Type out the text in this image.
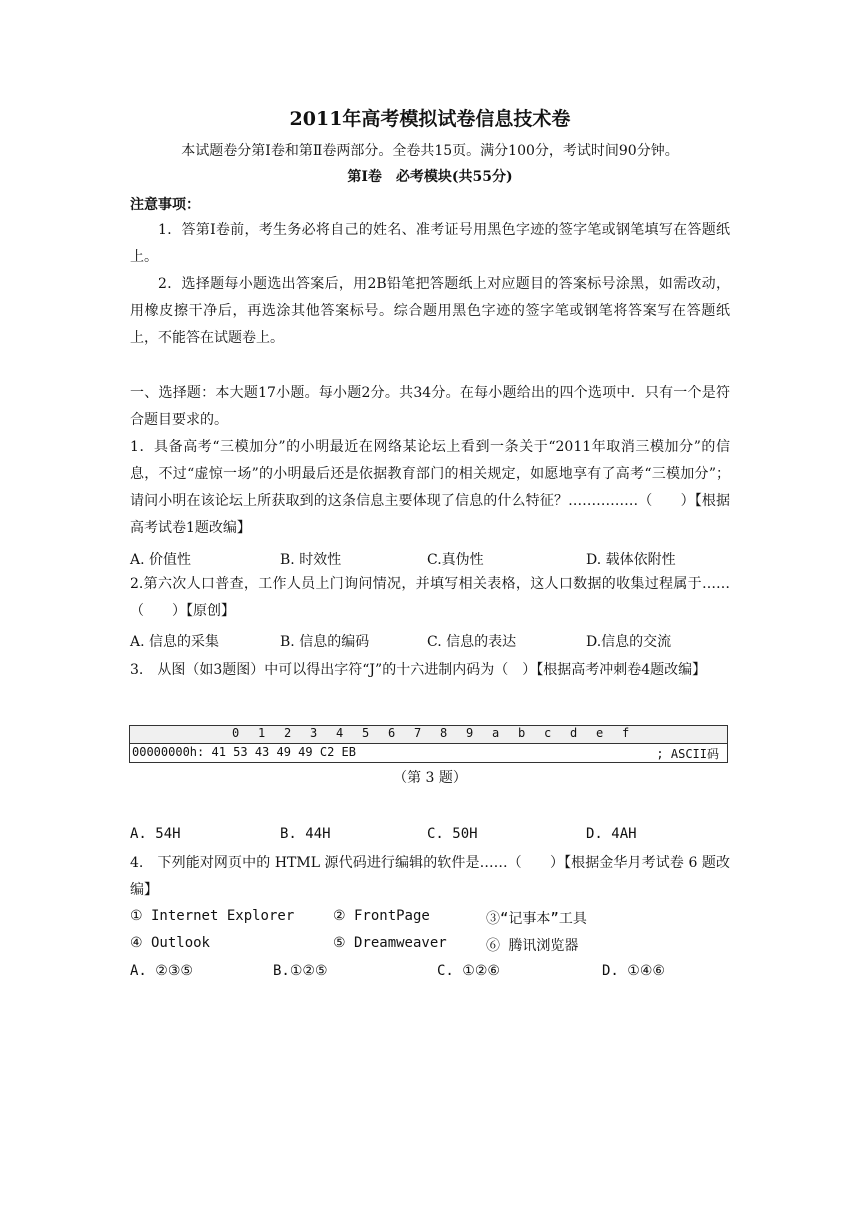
2011年高考模拟试卷信息技术卷
本试题卷分第Ⅰ卷和第Ⅱ卷两部分。全卷共15页。满分100分，考试时间90分钟。
第Ⅰ卷　必考模块(共55分)
注意事项：
1．答第Ⅰ卷前，考生务必将自己的姓名、准考证号用黑色字迹的签字笔或钢笔填写在答题纸上。
2．选择题每小题选出答案后，用2B铅笔把答题纸上对应题目的答案标号涂黑，如需改动，用橡皮擦干净后，再选涂其他答案标号。综合题用黑色字迹的签字笔或钢笔将答案写在答题纸上，不能答在试题卷上。
一、选择题：本大题17小题。每小题2分。共34分。在每小题给出的四个选项中．只有一个是符合题目要求的。
1．具备高考“三模加分”的小明最近在网络某论坛上看到一条关于“2011年取消三模加分”的信息，不过“虚惊一场”的小明最后还是依据教育部门的相关规定，如愿地享有了高考“三模加分”；请问小明在该论坛上所获取到的这条信息主要体现了信息的什么特征？……………（　　）【根据高考试卷1题改编】
A. 价值性	B. 时效性	C.真伪性	D. 载体依附性
2.第六次人口普查，工作人员上门询问情况，并填写相关表格，这人口数据的收集过程属于……（　　）【原创】
A. 信息的采集	B. 信息的编码	C. 信息的表达	D.信息的交流
3.　从图（如3题图）中可以得出字符“J”的十六进制内码为（　）【根据高考冲刺卷4题改编】
0 1 2 3 4 5 6 7 8 9 a b c d e f
00000000h: 41 53 43 49 49 C2 EB	; ASCII码
（第 3 题）
A. 54H	B. 44H	C. 50H	D. 4AH
4.　下列能对网页中的 HTML 源代码进行编辑的软件是……（　　）【根据金华月考试卷 6 题改编】
① Internet Explorer	② FrontPage	③“记事本”工具
④ Outlook	⑤ Dreamweaver	⑥ 腾讯浏览器
A. ②③⑤	B.①②⑤	C. ①②⑥	D. ①④⑥
